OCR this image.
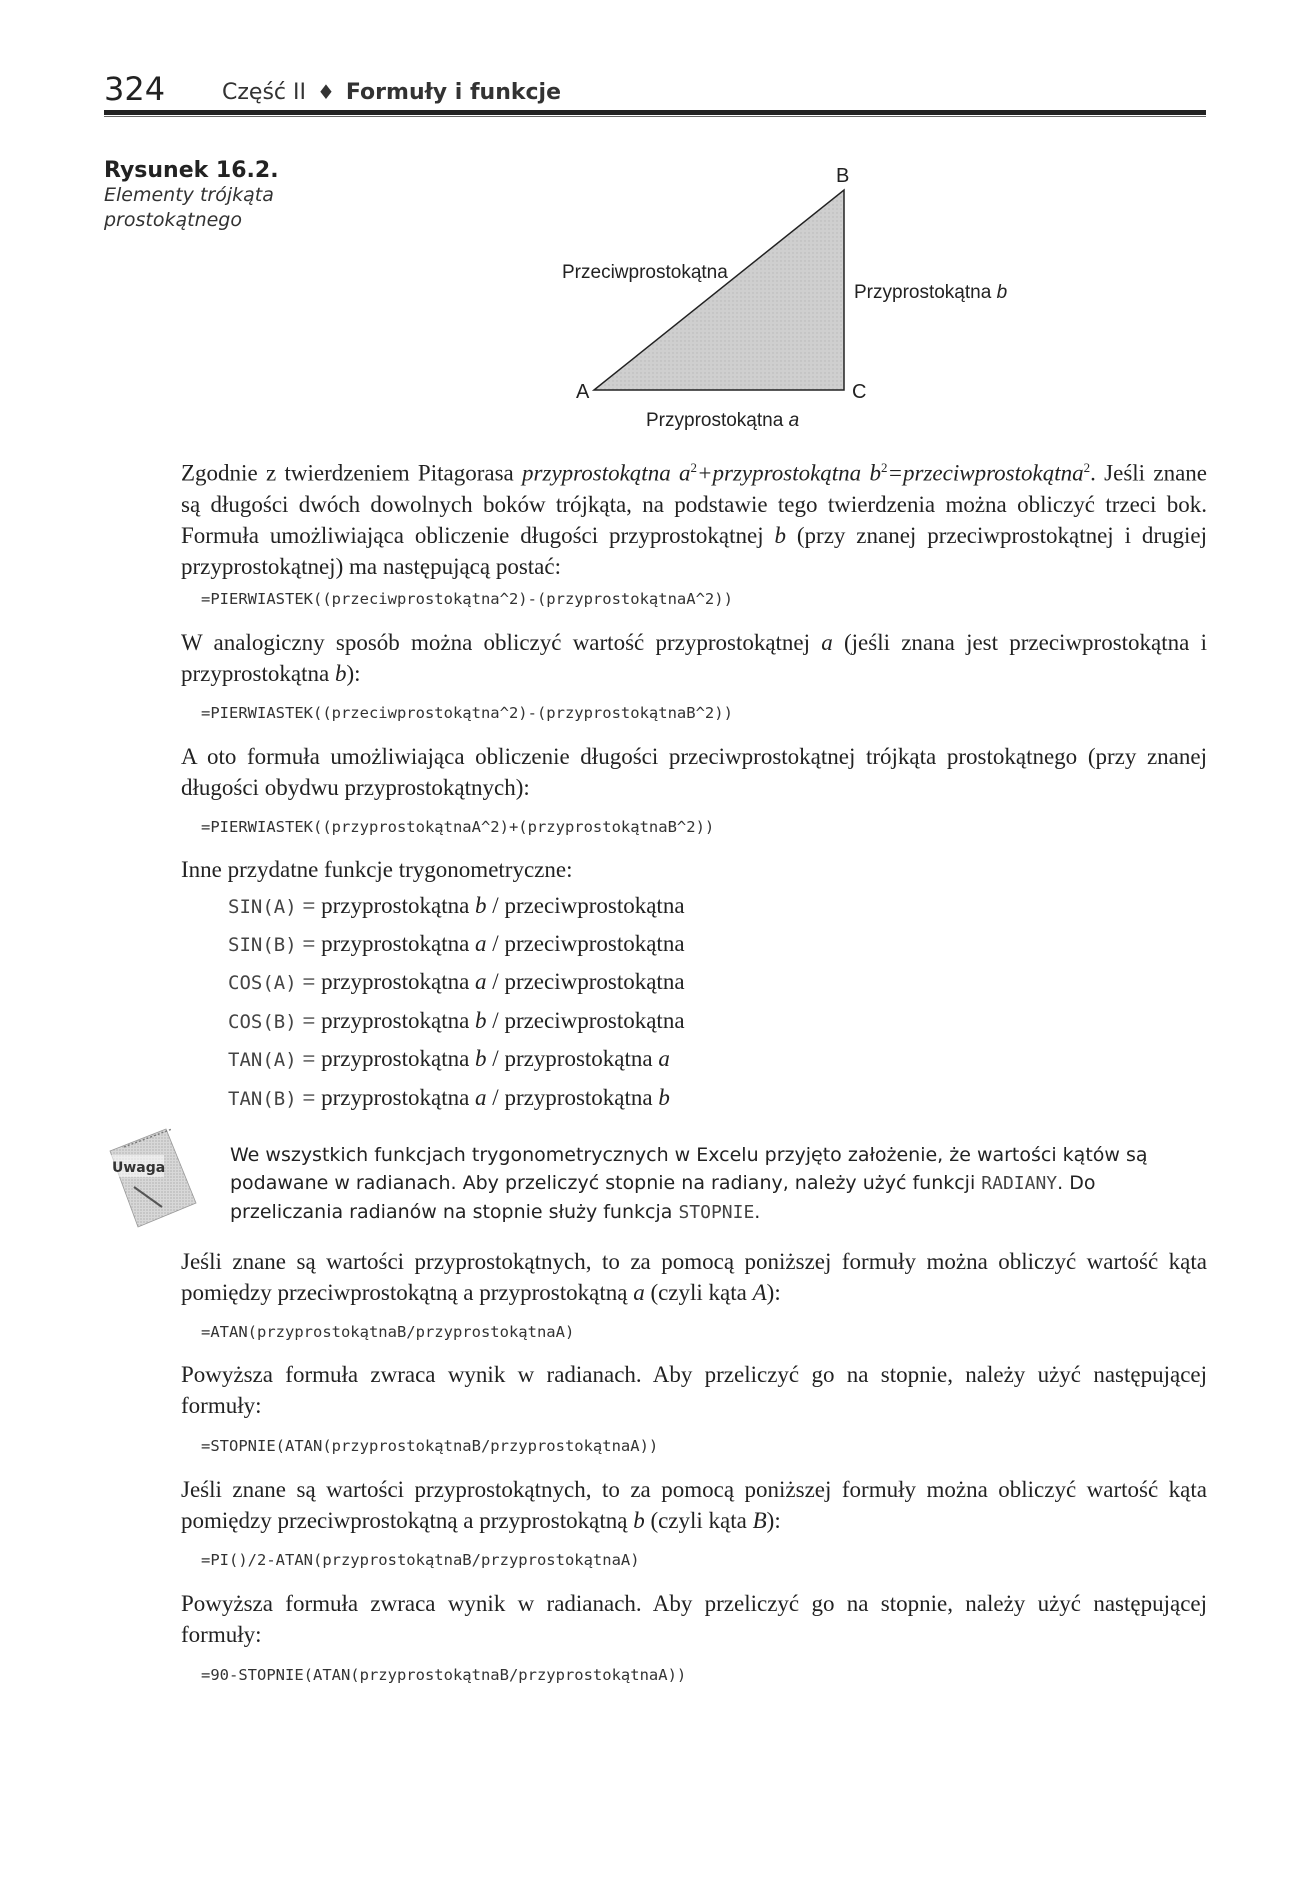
324	Część II ♦ Formuły i funkcje
Rysunek 16.2.
Elementy trójkąta prostokątnego
B
A	C
Przeciwprostokątna
Przyprostokątna b
Przyprostokątna a

Zgodnie z twierdzeniem Pitagorasa przyprostokątna $a^2+przyprostokątna$ $b^2=przeciwprostokątna^2$. Jeśli znane są długości dwóch dowolnych boków trójkąta, na podstawie tego twierdzenia można obliczyć trzeci bok. Formuła umożliwiająca obliczenie długości przyprostokątnej b (przy znanej przeciwprostokątnej i drugiej przyprostokątnej) ma następującą postać:

=PIERWIASTEK((przeciwprostokątna^2)-(przyprostokątnaA^2))

W analogiczny sposób można obliczyć wartość przyprostokątnej a (jeśli znana jest przeciwprostokątna i przyprostokątna b):

=PIERWIASTEK((przeciwprostokątna^2)-(przyprostokątnaB^2))

A oto formuła umożliwiająca obliczenie długości przeciwprostokątnej trójkąta prostokątnego (przy znanej długości obydwu przyprostokątnych):

=PIERWIASTEK((przyprostokątnaA^2)+(przyprostokątnaB^2))

Inne przydatne funkcje trygonometryczne:

SIN(A) = przyprostokątna b / przeciwprostokątna
SIN(B) = przyprostokątna a / przeciwprostokątna
COS(A) = przyprostokątna a / przeciwprostokątna
COS(B) = przyprostokątna b / przeciwprostokątna
TAN(A) = przyprostokątna b / przyprostokątna a
TAN(B) = przyprostokątna a / przyprostokątna b
Uwaga
We wszystkich funkcjach trygonometrycznych w Excelu przyjęto założenie, że wartości kątów są podawane w radianach. Aby przeliczyć stopnie na radiany, należy użyć funkcji RADIANY. Do przeliczania radianów na stopnie służy funkcja STOPNIE.

Jeśli znane są wartości przyprostokątnych, to za pomocą poniższej formuły można obliczyć wartość kąta pomiędzy przeciwprostokątną a przyprostokątną a (czyli kąta A):

=ATAN(przyprostokątnaB/przyprostokątnaA)

Powyższa formuła zwraca wynik w radianach. Aby przeliczyć go na stopnie, należy użyć następującej formuły:

=STOPNIE(ATAN(przyprostokątnaB/przyprostokątnaA))

Jeśli znane są wartości przyprostokątnych, to za pomocą poniższej formuły można obliczyć wartość kąta pomiędzy przeciwprostokątną a przyprostokątną b (czyli kąta B):

=PI()/2-ATAN(przyprostokątnaB/przyprostokątnaA)

Powyższa formuła zwraca wynik w radianach. Aby przeliczyć go na stopnie, należy użyć następującej formuły:

=90-STOPNIE(ATAN(przyprostokątnaB/przyprostokątnaA))
